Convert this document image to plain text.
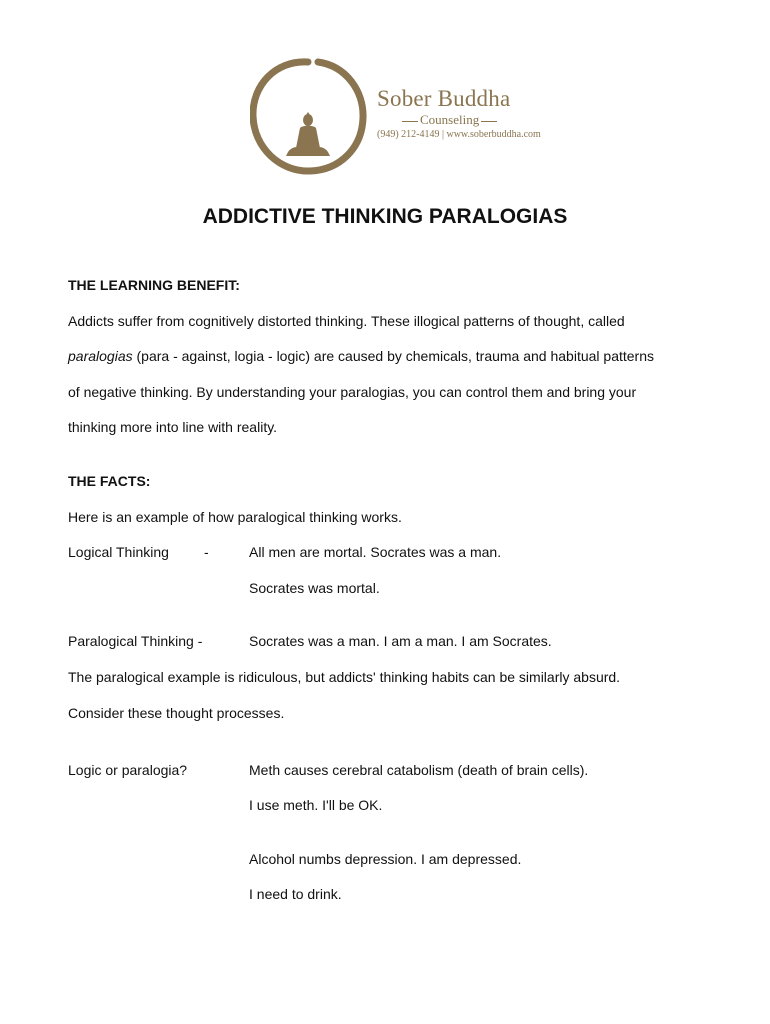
Sober Buddha
Counseling
(949) 212-4149 | www.soberbuddha.com
ADDICTIVE THINKING PARALOGIAS
THE LEARNING BENEFIT:
Addicts suffer from cognitively distorted thinking. These illogical patterns of thought, called
paralogias (para - against, logia - logic) are caused by chemicals, trauma and habitual patterns
of negative thinking. By understanding your paralogias, you can control them and bring your
thinking more into line with reality.
THE FACTS:
Here is an example of how paralogical thinking works.
Logical Thinking	-	All men are mortal. Socrates was a man.
Socrates was mortal.
Paralogical Thinking -	Socrates was a man. I am a man. I am Socrates.
The paralogical example is ridiculous, but addicts' thinking habits can be similarly absurd.
Consider these thought processes.
Logic or paralogia?	Meth causes cerebral catabolism (death of brain cells).
I use meth. I'll be OK.
Alcohol numbs depression. I am depressed.
I need to drink.
